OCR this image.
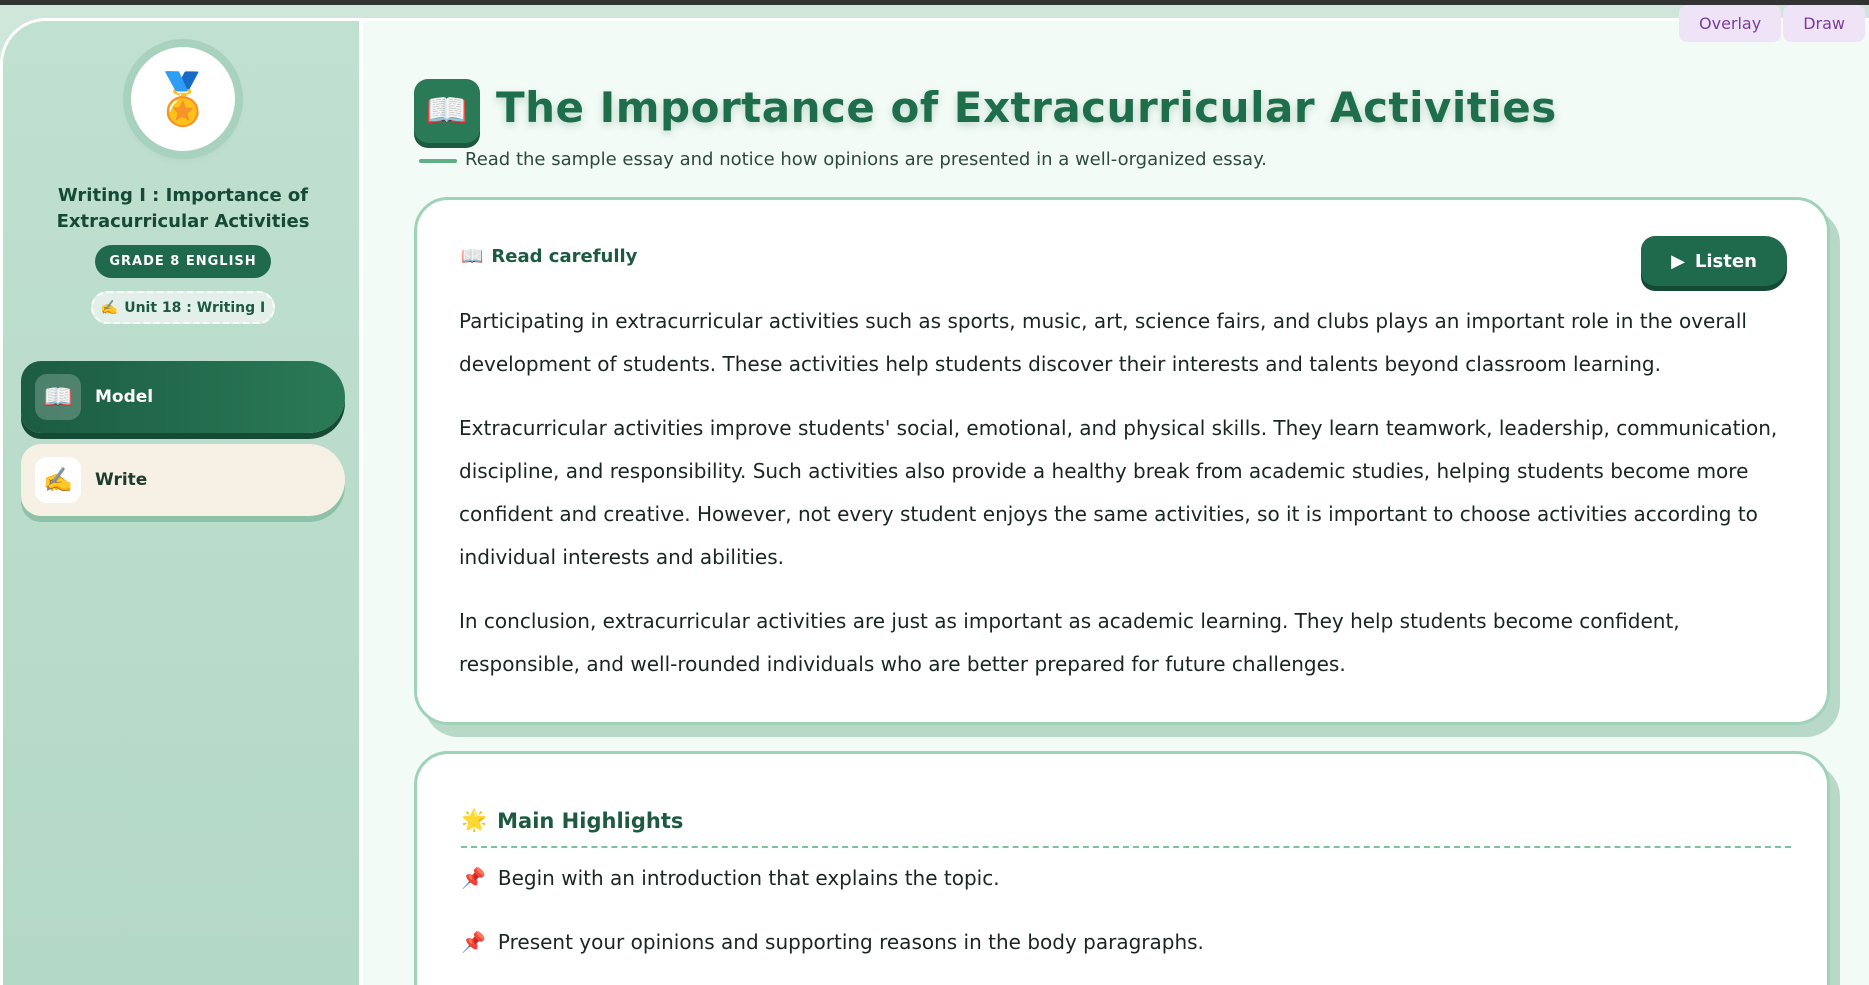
🏅
Writing I : Importance of Extracurricular Activities
GRADE 8 ENGLISH
✍️ Unit 18 : Writing I
📖	Model
✍️	Write
📖 The Importance of Extracurricular Activities
Read the sample essay and notice how opinions are presented in a well-organized essay.
📖 Read carefully	▶ Listen

Participating in extracurricular activities such as sports, music, art, science fairs, and clubs plays an important role in the overall development of students. These activities help students discover their interests and talents beyond classroom learning.

Extracurricular activities improve students' social, emotional, and physical skills. They learn teamwork, leadership, communication, discipline, and responsibility. Such activities also provide a healthy break from academic studies, helping students become more confident and creative. However, not every student enjoys the same activities, so it is important to choose activities according to individual interests and abilities.

In conclusion, extracurricular activities are just as important as academic learning. They help students become confident, responsible, and well-rounded individuals who are better prepared for future challenges.

🌟 Main Highlights
📌 Begin with an introduction that explains the topic.
📌 Present your opinions and supporting reasons in the body paragraphs.
Overlay	Draw
